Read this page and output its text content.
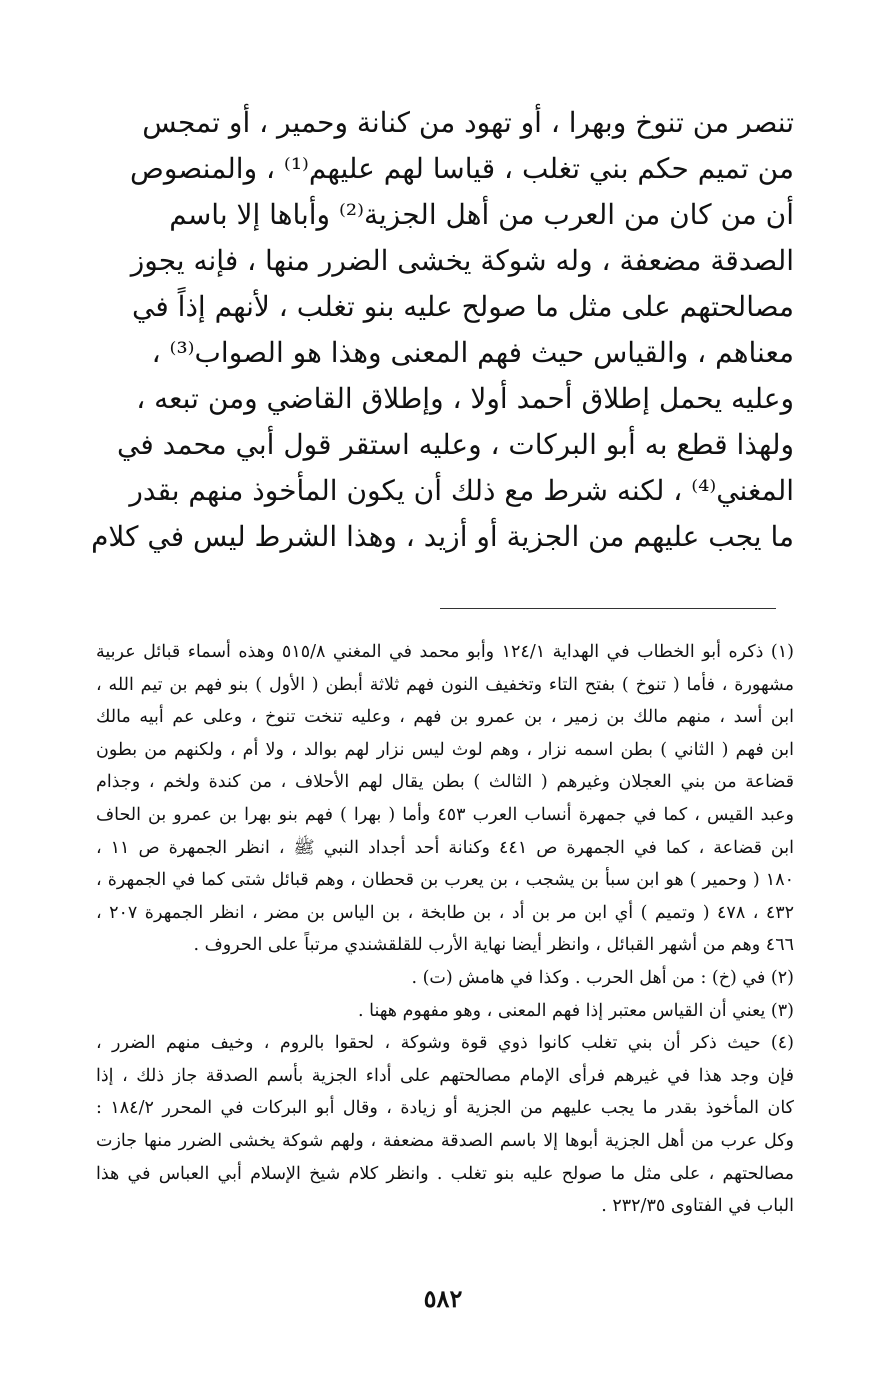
تنصر من تنوخ وبهرا ، أو تهود من كنانة وحمير ، أو تمجس
من تميم حكم بني تغلب ، قياسا لهم عليهم⁽¹⁾ ، والمنصوص
أن من كان من العرب من أهل الجزية⁽²⁾ وأباها إلا باسم
الصدقة مضعفة ، وله شوكة يخشى الضرر منها ، فإنه يجوز
مصالحتهم على مثل ما صولح عليه بنو تغلب ، لأنهم إذاً في
معناهم ، والقياس حيث فهم المعنى وهذا هو الصواب⁽³⁾ ،
وعليه يحمل إطلاق أحمد أولا ، وإطلاق القاضي ومن تبعه ،
ولهذا قطع به أبو البركات ، وعليه استقر قول أبي محمد في
المغني⁽⁴⁾ ، لكنه شرط مع ذلك أن يكون المأخوذ منهم بقدر
ما يجب عليهم من الجزية أو أزيد ، وهذا الشرط ليس في كلام
(١) ذكره أبو الخطاب في الهداية ١٢٤/١ وأبو محمد في المغني ٥١٥/٨ وهذه أسماء قبائل عربية
مشهورة ، فأما ( تنوخ ) بفتح التاء وتخفيف النون فهم ثلاثة أبطن ( الأول ) بنو فهم بن تيم الله ،
ابن أسد ، منهم مالك بن زمير ، بن عمرو بن فهم ، وعليه تنخت تنوخ ، وعلى عم أبيه مالك
ابن فهم ( الثاني ) بطن اسمه نزار ، وهم لوث ليس نزار لهم بوالد ، ولا أم ، ولكنهم من بطون
قضاعة من بني العجلان وغيرهم ( الثالث ) بطن يقال لهم الأحلاف ، من كندة ولخم ، وجذام
وعبد القيس ، كما في جمهرة أنساب العرب ٤٥٣ وأما ( بهرا ) فهم بنو بهرا بن عمرو بن الحاف
ابن قضاعة ، كما في الجمهرة ص ٤٤١ وكنانة أحد أجداد النبي ﷺ ، انظر الجمهرة ص ١١ ،
١٨٠ ( وحمير ) هو ابن سبأ بن يشجب ، بن يعرب بن قحطان ، وهم قبائل شتى كما في الجمهرة ،
٤٣٢ ، ٤٧٨ ( وتميم ) أي ابن مر بن أد ، بن طابخة ، بن الياس بن مضر ، انظر الجمهرة ٢٠٧ ،
٤٦٦ وهم من أشهر القبائل ، وانظر أيضا نهاية الأرب للقلقشندي مرتباً على الحروف .
(٢) في (خ) : من أهل الحرب . وكذا في هامش (ت) .
(٣) يعني أن القياس معتبر إذا فهم المعنى ، وهو مفهوم ههنا .
(٤) حيث ذكر أن بني تغلب كانوا ذوي قوة وشوكة ، لحقوا بالروم ، وخيف منهم الضرر ،
فإن وجد هذا في غيرهم فرأى الإمام مصالحتهم على أداء الجزية بأسم الصدقة جاز ذلك ، إذا
كان المأخوذ بقدر ما يجب عليهم من الجزية أو زيادة ، وقال أبو البركات في المحرر ١٨٤/٢ :
وكل عرب من أهل الجزية أبوها إلا باسم الصدقة مضعفة ، ولهم شوكة يخشى الضرر منها جازت
مصالحتهم ، على مثل ما صولح عليه بنو تغلب . وانظر كلام شيخ الإسلام أبي العباس في هذا
الباب في الفتاوى ٢٣٢/٣٥ .
٥٨٢
